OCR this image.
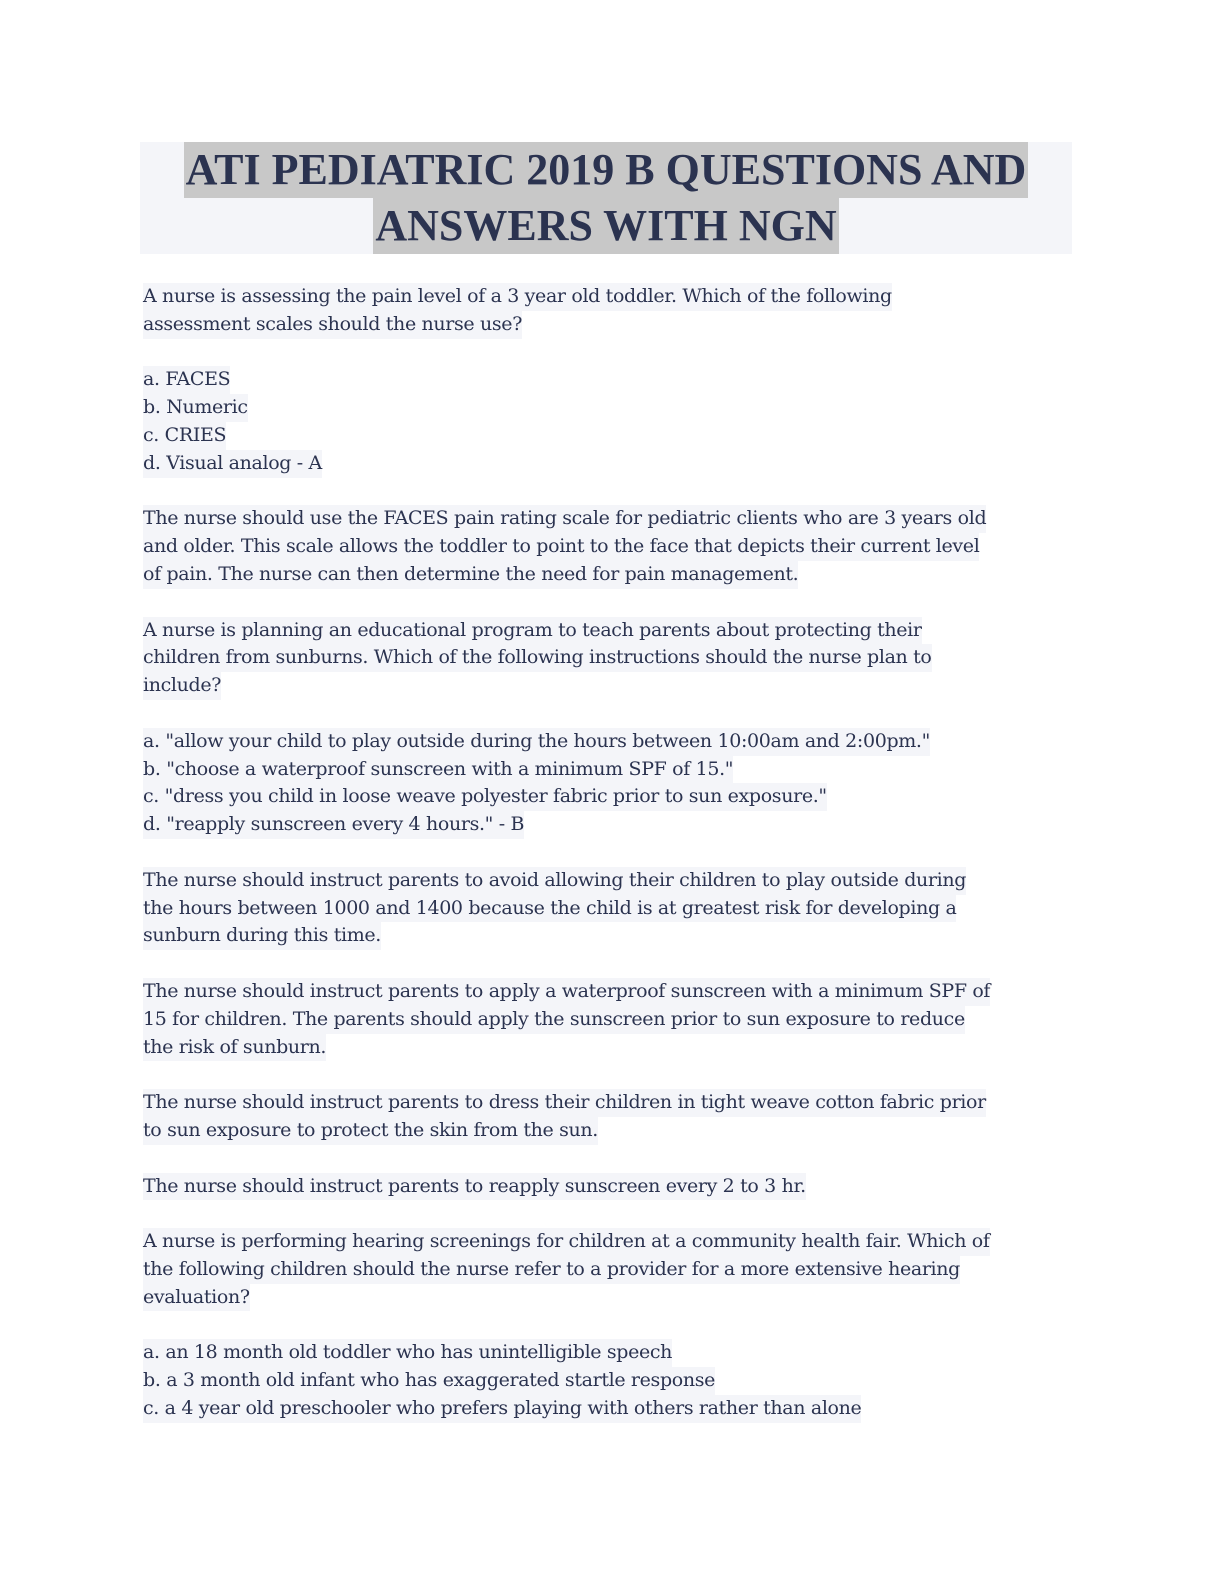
ATI PEDIATRIC 2019 B QUESTIONS AND
ANSWERS WITH NGN
A nurse is assessing the pain level of a 3 year old toddler. Which of the following
assessment scales should the nurse use?
a. FACES
b. Numeric
c. CRIES
d. Visual analog - A
The nurse should use the FACES pain rating scale for pediatric clients who are 3 years old
and older. This scale allows the toddler to point to the face that depicts their current level
of pain. The nurse can then determine the need for pain management.
A nurse is planning an educational program to teach parents about protecting their
children from sunburns. Which of the following instructions should the nurse plan to
include?
a. "allow your child to play outside during the hours between 10:00am and 2:00pm."
b. "choose a waterproof sunscreen with a minimum SPF of 15."
c. "dress you child in loose weave polyester fabric prior to sun exposure."
d. "reapply sunscreen every 4 hours." - B
The nurse should instruct parents to avoid allowing their children to play outside during
the hours between 1000 and 1400 because the child is at greatest risk for developing a
sunburn during this time.
The nurse should instruct parents to apply a waterproof sunscreen with a minimum SPF of
15 for children. The parents should apply the sunscreen prior to sun exposure to reduce
the risk of sunburn.
The nurse should instruct parents to dress their children in tight weave cotton fabric prior
to sun exposure to protect the skin from the sun.
The nurse should instruct parents to reapply sunscreen every 2 to 3 hr.
A nurse is performing hearing screenings for children at a community health fair. Which of
the following children should the nurse refer to a provider for a more extensive hearing
evaluation?
a. an 18 month old toddler who has unintelligible speech
b. a 3 month old infant who has exaggerated startle response
c. a 4 year old preschooler who prefers playing with others rather than alone
